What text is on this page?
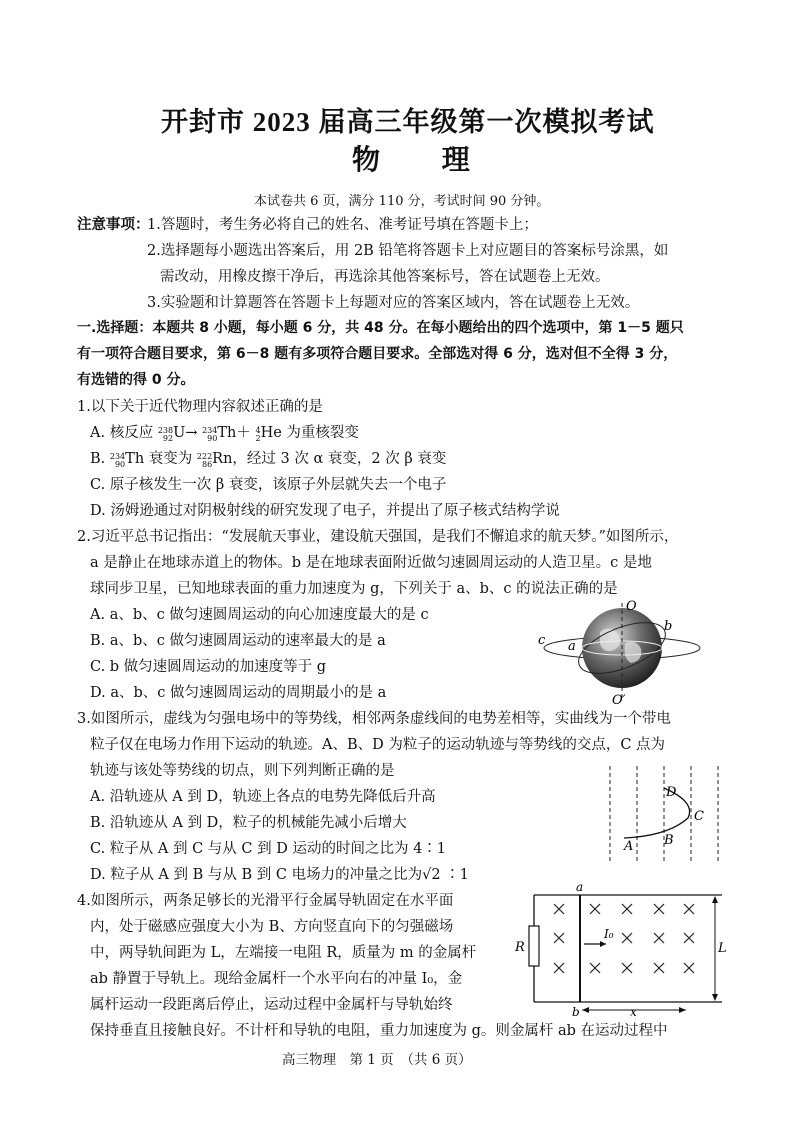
开封市 2023 届高三年级第一次模拟考试
物 理
本试卷共 6 页，满分 110 分，考试时间 90 分钟。
注意事项：
1.答题时，考生务必将自己的姓名、准考证号填在答题卡上；
2.选择题每小题选出答案后，用 2B 铅笔将答题卡上对应题目的答案标号涂黑，如
需改动，用橡皮擦干净后，再选涂其他答案标号，答在试题卷上无效。
3.实验题和计算题答在答题卡上每题对应的答案区域内，答在试题卷上无效。
一.选择题：本题共 8 小题，每小题 6 分，共 48 分。在每小题给出的四个选项中，第 1－5 题只
有一项符合题目要求，第 6－8 题有多项符合题目要求。全部选对得 6 分，选对但不全得 3 分，
有选错的得 0 分。
1.以下关于近代物理内容叙述正确的是
A. 核反应 238
92U→ 234
90Th＋ 4
2He 为重核裂变
B. 234
90Th 衰变为 222
86Rn，经过 3 次 α 衰变，2 次 β 衰变
C. 原子核发生一次 β 衰变，该原子外层就失去一个电子
D. 汤姆逊通过对阴极射线的研究发现了电子，并提出了原子核式结构学说
2.习近平总书记指出：“发展航天事业，建设航天强国，是我们不懈追求的航天梦。”如图所示，
a 是静止在地球赤道上的物体。b 是在地球表面附近做匀速圆周运动的人造卫星。c 是地
球同步卫星，已知地球表面的重力加速度为 g，下列关于 a、b、c 的说法正确的是
A. a、b、c 做匀速圆周运动的向心加速度最大的是 c
B. a、b、c 做匀速圆周运动的速率最大的是 a
C. b 做匀速圆周运动的加速度等于 g
D. a、b、c 做匀速圆周运动的周期最小的是 a
O
O′
a
b
c
3.如图所示，虚线为匀强电场中的等势线，相邻两条虚线间的电势差相等，实曲线为一个带电
粒子仅在电场力作用下运动的轨迹。A、B、D 为粒子的运动轨迹与等势线的交点，C 点为
轨迹与该处等势线的切点，则下列判断正确的是
A. 沿轨迹从 A 到 D，轨迹上各点的电势先降低后升高
B. 沿轨迹从 A 到 D，粒子的机械能先减小后增大
C. 粒子从 A 到 C 与从 C 到 D 运动的时间之比为 4∶1
D. 粒子从 A 到 B 与从 B 到 C 电场力的冲量之比为√2 ∶1
A B
C
D
4.如图所示，两条足够长的光滑平行金属导轨固定在水平面
内，处于磁感应强度大小为 B、方向竖直向下的匀强磁场
中，两导轨间距为 L，左端接一电阻 R，质量为 m 的金属杆
ab 静置于导轨上。现给金属杆一个水平向右的冲量 I₀，金
属杆运动一段距离后停止，运动过程中金属杆与导轨始终
保持垂直且接触良好。不计杆和导轨的电阻，重力加速度为 g。则金属杆 ab 在运动过程中
a
b
R
I₀
x
L
高三物理　第 1 页　（共 6 页）
